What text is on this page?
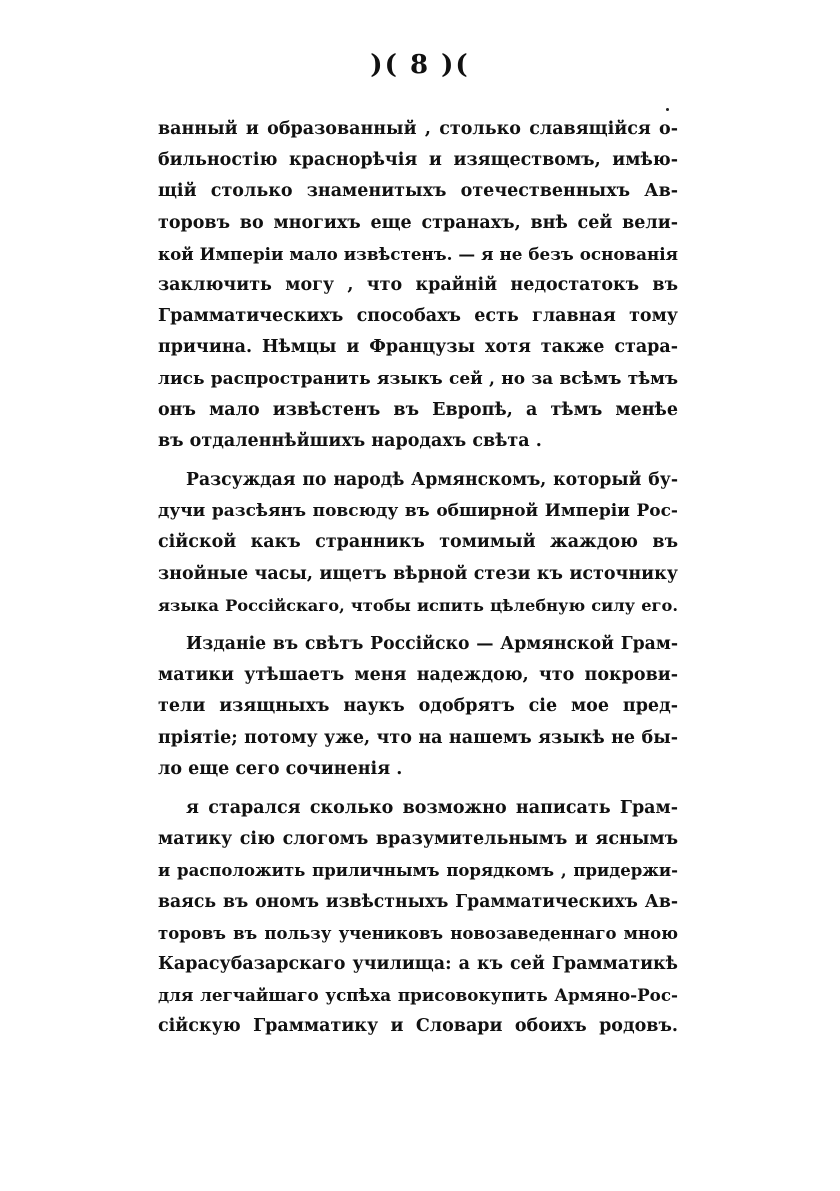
)( 8 )(
ванный и образованный , столько славящійся о-
бильностію краснорѣчія и изяществомъ, имѣю-
щій столько знаменитыхъ отечественныхъ Ав-
торовъ во многихъ еще странахъ, внѣ сей вели-
кой Имперіи мало извѣстенъ. — я не безъ основанія
заключить могу , что крайній недостатокъ въ
Грамматическихъ способахъ есть главная тому
причина. Нѣмцы и Французы хотя также стара-
лись распространить языкъ сей , но за всѣмъ тѣмъ
онъ мало извѣстенъ въ Европѣ, а тѣмъ менѣе
въ отдаленнѣйшихъ народахъ свѣта .
Разсуждая по народѣ Армянскомъ, который бу-
дучи разсѣянъ повсюду въ обширной Имперіи Рос-
сійской какъ странникъ томимый жаждою въ
знойные часы, ищетъ вѣрной стези къ источнику
языка Россійскаго, чтобы испить цѣлебную силу его.
Изданіе въ свѣтъ Россійско — Армянской Грам-
матики утѣшаетъ меня надеждою, что покрови-
тели изящныхъ наукъ одобрятъ сіе мое пред-
пріятіе; потому уже, что на нашемъ языкѣ не бы-
ло еще сего сочиненія .
я старался сколько возможно написать Грам-
матику сію слогомъ вразумительнымъ и яснымъ
и расположить приличнымъ порядкомъ , придержи-
ваясь въ ономъ извѣстныхъ Грамматическихъ Ав-
торовъ въ пользу учениковъ новозаведеннаго мною
Карасубазарскаго училища: а къ сей Грамматикѣ
для легчайшаго успѣха присовокупить Армяно-Рос-
сійскую Грамматику и Словари обоихъ родовъ.
